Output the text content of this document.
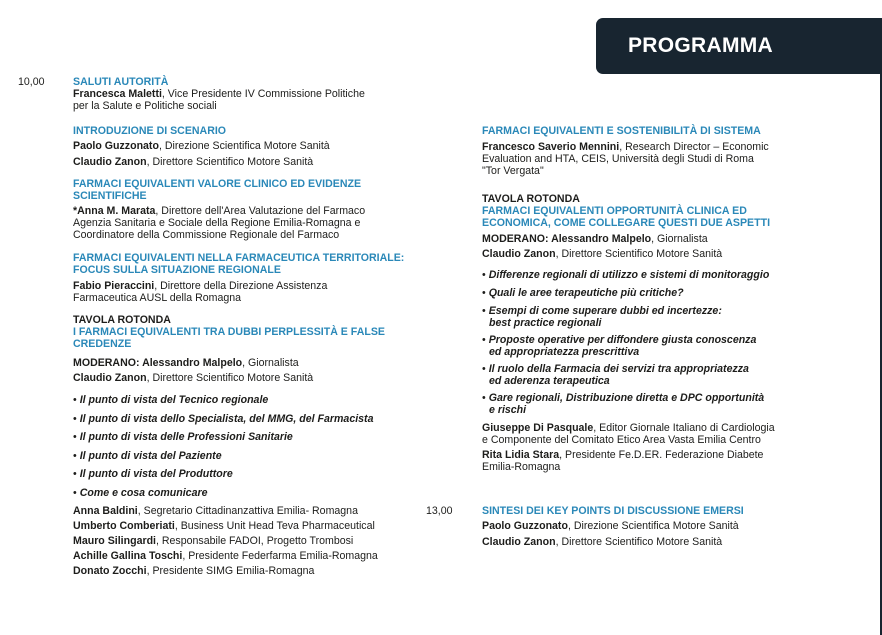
PROGRAMMA
10,00
13,00
SALUTI AUTORITÀ
Francesca Maletti, Vice Presidente IV Commissione Politiche
per la Salute e Politiche sociali
INTRODUZIONE DI SCENARIO
Paolo Guzzonato, Direzione Scientifica Motore Sanità
Claudio Zanon, Direttore Scientifico Motore Sanità
FARMACI EQUIVALENTI VALORE CLINICO ED EVIDENZE
SCIENTIFICHE
*Anna M. Marata, Direttore dell'Area Valutazione del Farmaco
Agenzia Sanitaria e Sociale della Regione Emilia-Romagna e
Coordinatore della Commissione Regionale del Farmaco
FARMACI EQUIVALENTI NELLA FARMACEUTICA TERRITORIALE:
FOCUS SULLA SITUAZIONE REGIONALE
Fabio Pieraccini, Direttore della Direzione Assistenza
Farmaceutica AUSL della Romagna
TAVOLA ROTONDA
I FARMACI EQUIVALENTI TRA DUBBI PERPLESSITÀ E FALSE
CREDENZE
MODERANO: Alessandro Malpelo, Giornalista
Claudio Zanon, Direttore Scientifico Motore Sanità
• Il punto di vista del Tecnico regionale
• Il punto di vista dello Specialista, del MMG, del Farmacista
• Il punto di vista delle Professioni Sanitarie
• Il punto di vista del Paziente
• Il punto di vista del Produttore
• Come e cosa comunicare
Anna Baldini, Segretario Cittadinanzattiva Emilia- Romagna
Umberto Comberiati, Business Unit Head Teva Pharmaceutical
Mauro Silingardi, Responsabile FADOI, Progetto Trombosi
Achille Gallina Toschi, Presidente Federfarma Emilia-Romagna
Donato Zocchi, Presidente SIMG Emilia-Romagna
FARMACI EQUIVALENTI E SOSTENIBILITÀ DI SISTEMA
Francesco Saverio Mennini, Research Director – Economic
Evaluation and HTA, CEIS, Università degli Studi di Roma
"Tor Vergata"
TAVOLA ROTONDA
FARMACI EQUIVALENTI OPPORTUNITÀ CLINICA ED
ECONOMICA, COME COLLEGARE QUESTI DUE ASPETTI
MODERANO: Alessandro Malpelo, Giornalista
Claudio Zanon, Direttore Scientifico Motore Sanità
• Differenze regionali di utilizzo e sistemi di monitoraggio
• Quali le aree terapeutiche più critiche?
• Esempi di come superare dubbi ed incertezze:
best practice regionali
• Proposte operative per diffondere giusta conoscenza
ed appropriatezza prescrittiva
• Il ruolo della Farmacia dei servizi tra appropriatezza
ed aderenza terapeutica
• Gare regionali, Distribuzione diretta e DPC opportunità
e rischi
Giuseppe Di Pasquale, Editor Giornale Italiano di Cardiologia
e Componente del Comitato Etico Area Vasta Emilia Centro
Rita Lidia Stara, Presidente Fe.D.ER. Federazione Diabete
Emilia-Romagna
SINTESI DEI KEY POINTS DI DISCUSSIONE EMERSI
Paolo Guzzonato, Direzione Scientifica Motore Sanità
Claudio Zanon, Direttore Scientifico Motore Sanità
